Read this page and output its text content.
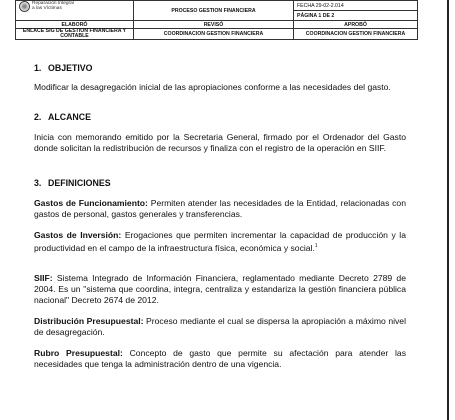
Reparación Integral
a las Víctimas	PROCESO GESTION FINANCIERA	FECHA 29-02-2.014
		PÁGINA 1 DE 2
ELABORÓ	REVISÓ	APROBÓ
ENLACE SIG DE GESTION FINANCIERA Y CONTABLE	COORDINACION GESTION FINANCIERA	COORDINACION GESTION FINANCIERA
1. OBJETIVO
Modificar la desagregación inicial de las apropiaciones conforme a las necesidades del gasto.
2. ALCANCE
Inicia con memorando emitido por la Secretaria General, firmado por el Ordenador del Gasto donde solicitan la redistribución de recursos y finaliza con el registro de la operación en SIIF.
3. DEFINICIONES
Gastos de Funcionamiento: Permiten atender las necesidades de la Entidad, relacionadas con gastos de personal, gastos generales y transferencias.
Gastos de Inversión: Erogaciones que permiten incrementar la capacidad de producción y la productividad en el campo de la infraestructura física, económica y social.$^1$
SIIF: Sistema Integrado de Información Financiera, reglamentado mediante Decreto 2789 de 2004. Es un "sistema que coordina, integra, centraliza y estandariza la gestión financiera pública nacional" Decreto 2674 de 2012.
Distribución Presupuestal: Proceso mediante el cual se dispersa la apropiación a máximo nivel de desagregación.
Rubro Presupuestal: Concepto de gasto que permite su afectación para atender las necesidades que tenga la administración dentro de una vigencia.
